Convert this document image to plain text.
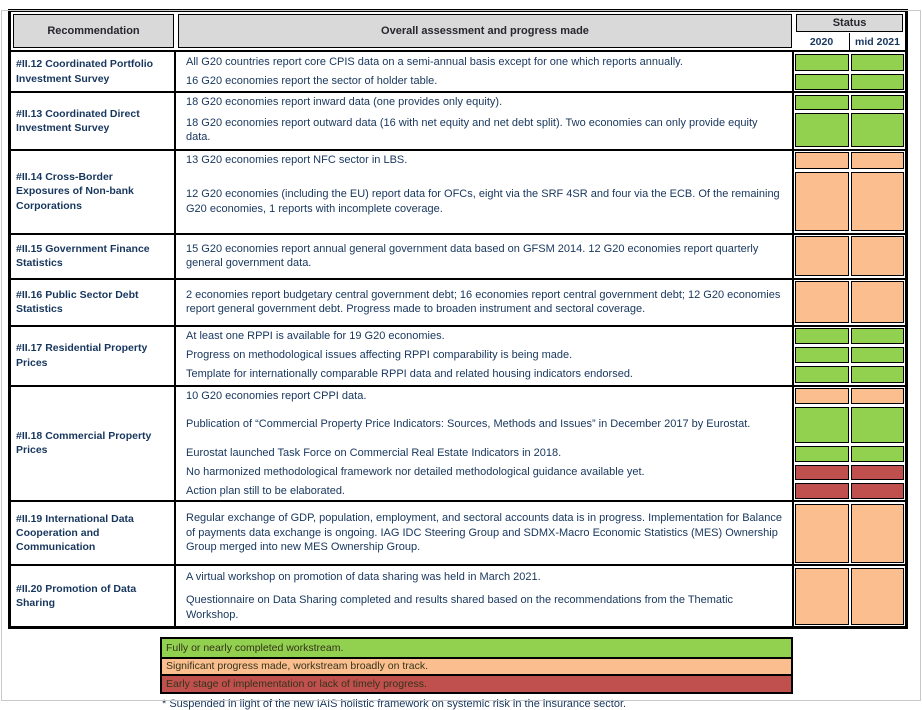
Recommendation	Overall assessment and progress made
Status
2020	mid 2021
#II.12 Coordinated Portfolio Investment Survey
All G20 countries report core CPIS data on a semi-annual basis except for one which reports annually.
16 G20 economies report the sector of holder table.
#II.13 Coordinated Direct Investment Survey
18 G20 economies report inward data (one provides only equity).
18 G20 economies report outward data (16 with net equity and net debt split). Two economies can only provide equity data.
#II.14 Cross-Border Exposures of Non-bank Corporations
13 G20 economies report NFC sector in LBS.
12 G20 economies (including the EU) report data for OFCs, eight via the SRF 4SR and four via the ECB. Of the remaining G20 economies, 1 reports with incomplete coverage.
#II.15 Government Finance Statistics
15 G20 economies report annual general government data based on GFSM 2014. 12 G20 economies report quarterly general government data.
#II.16 Public Sector Debt Statistics
2 economies report budgetary central government debt; 16 economies report central government debt; 12 G20 economies report general government debt. Progress made to broaden instrument and sectoral coverage.
#II.17 Residential Property Prices
At least one RPPI is available for 19 G20 economies.
Progress on methodological issues affecting RPPI comparability is being made.
Template for internationally comparable RPPI data and related housing indicators endorsed.
#II.18 Commercial Property Prices
10 G20 economies report CPPI data.
Publication of “Commercial Property Price Indicators: Sources, Methods and Issues” in December 2017 by Eurostat.
Eurostat launched Task Force on Commercial Real Estate Indicators in 2018.
No harmonized methodological framework nor detailed methodological guidance available yet.
Action plan still to be elaborated.
#II.19 International Data Cooperation and Communication
Regular exchange of GDP, population, employment, and sectoral accounts data is in progress. Implementation for Balance of payments data exchange is ongoing. IAG IDC Steering Group and SDMX-Macro Economic Statistics (MES) Ownership Group merged into new MES Ownership Group.
#II.20 Promotion of Data Sharing
A virtual workshop on promotion of data sharing was held in March 2021.
Questionnaire on Data Sharing completed and results shared based on the recommendations from the Thematic Workshop.
Fully or nearly completed workstream.
Significant progress made, workstream broadly on track.
Early stage of implementation or lack of timely progress.
* Suspended in light of the new IAIS holistic framework on systemic risk in the insurance sector.
